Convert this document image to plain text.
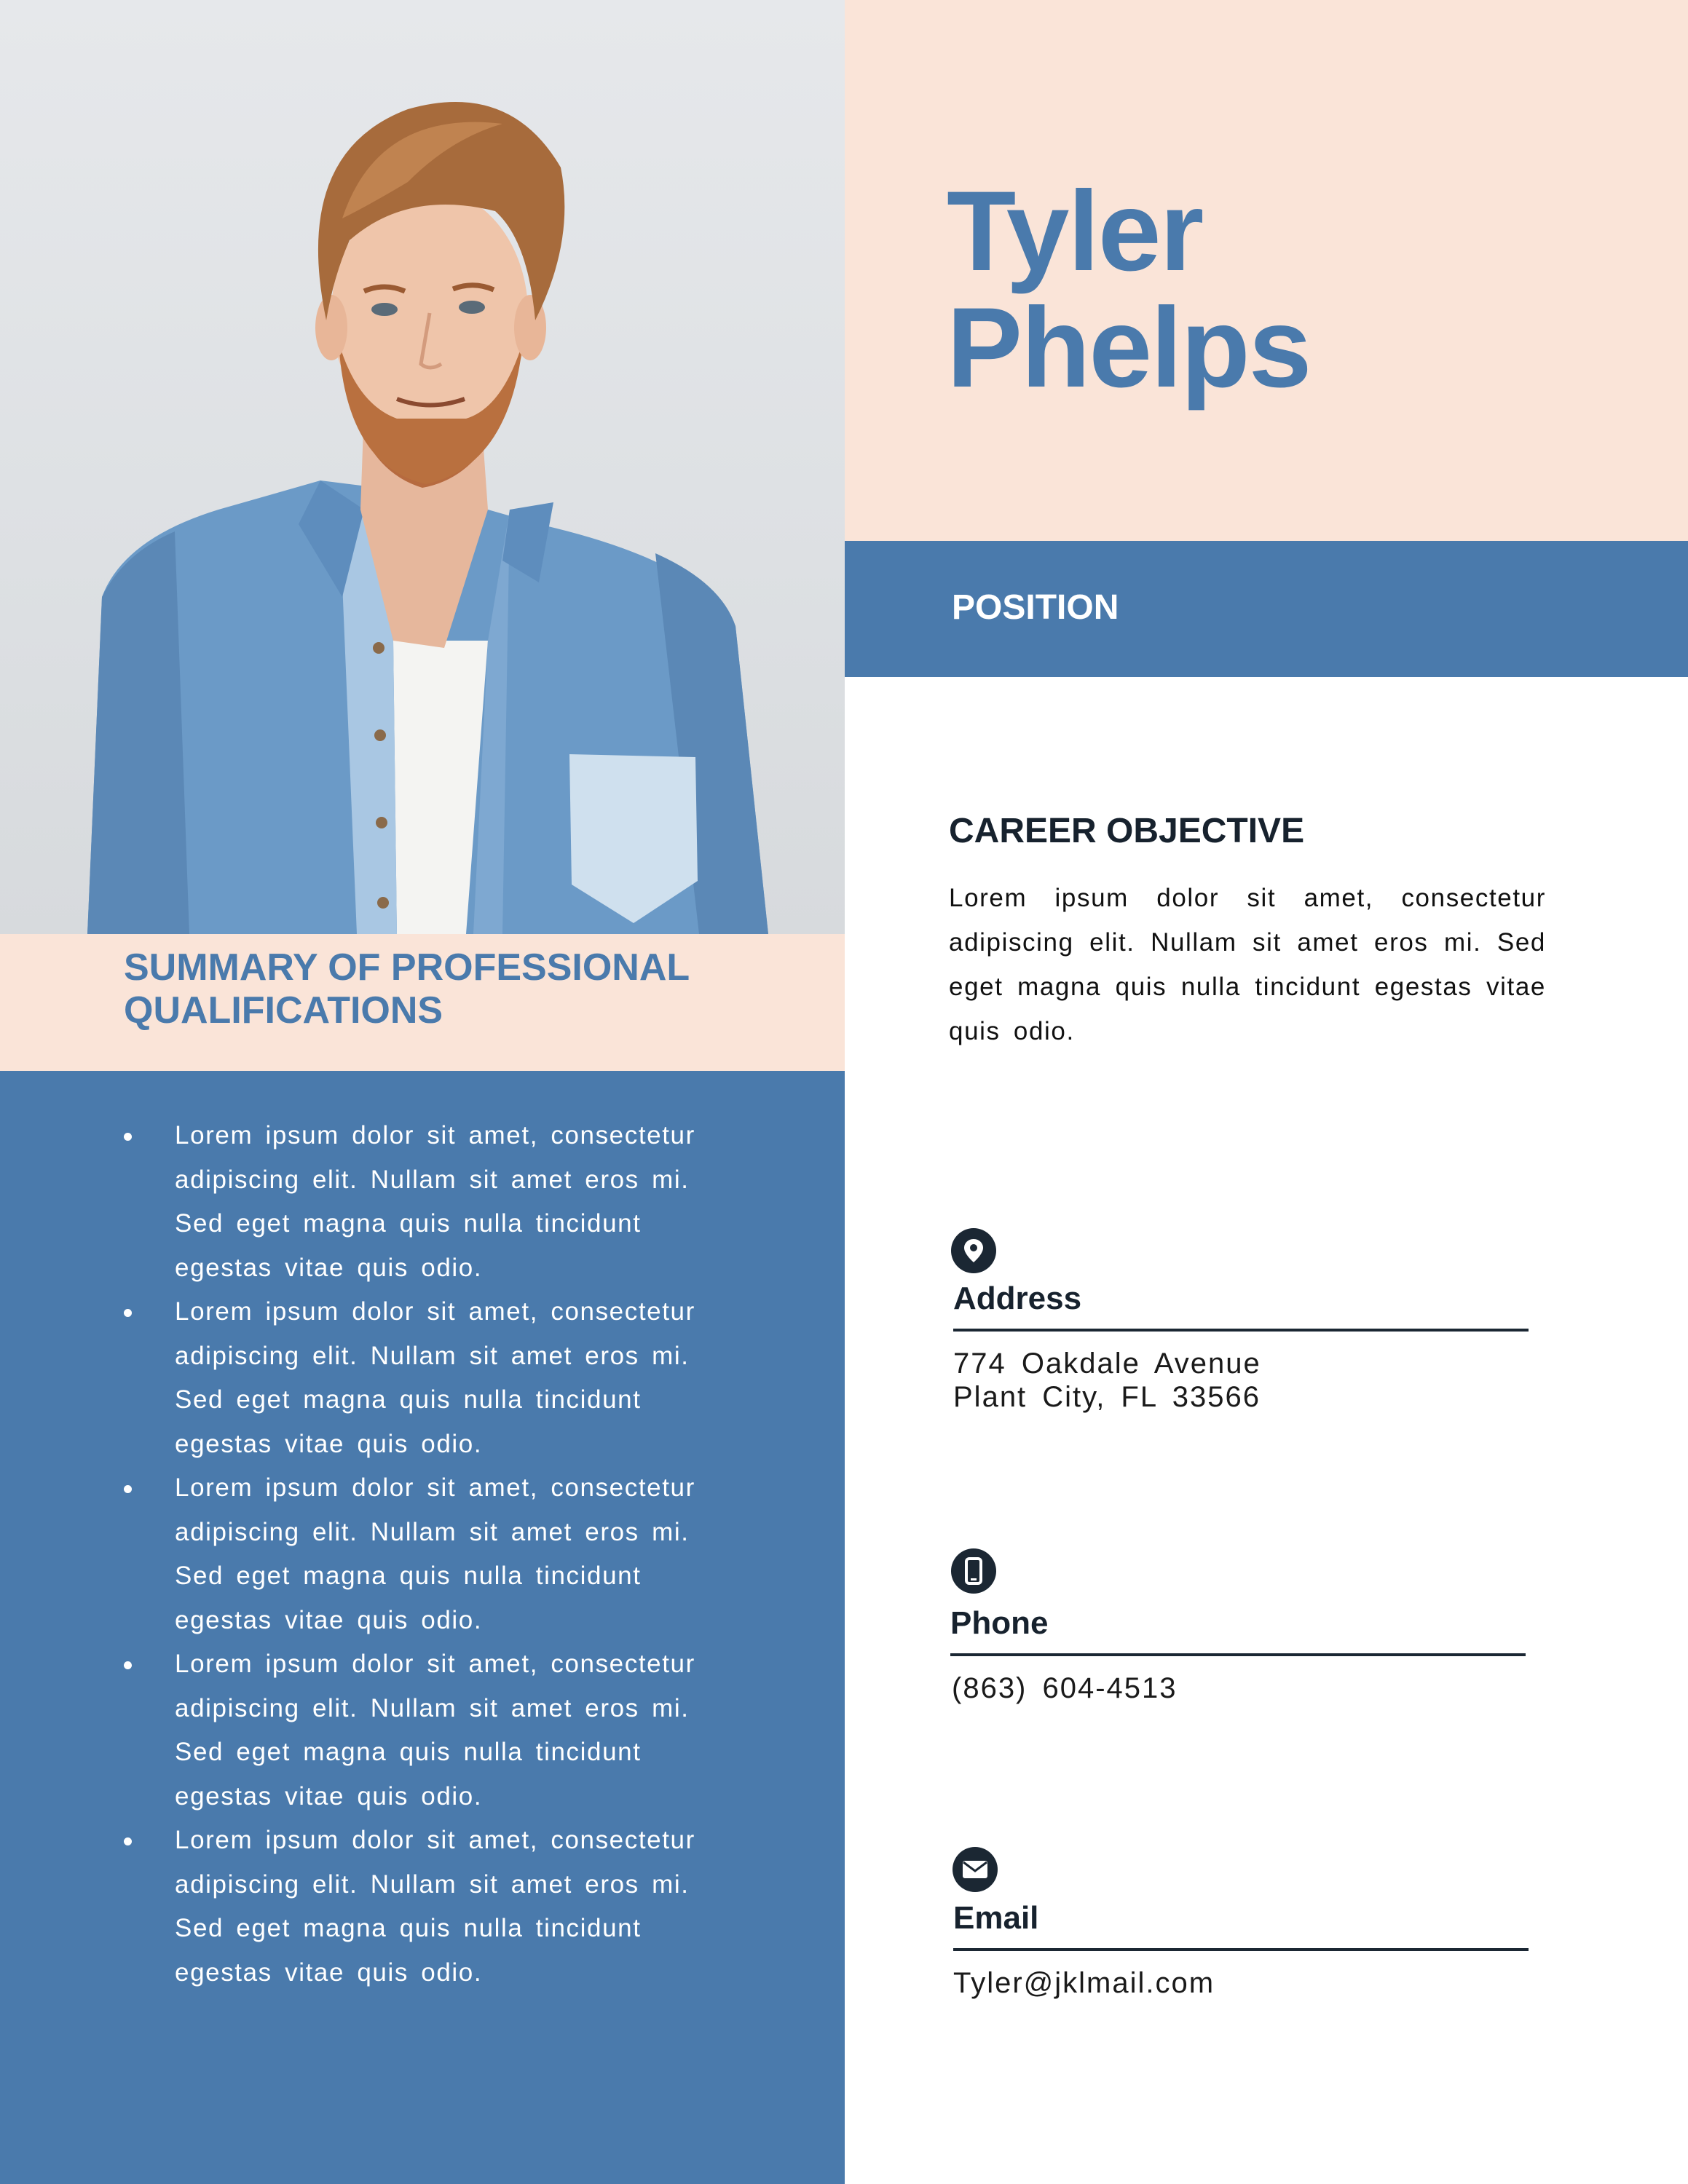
SUMMARY OF PROFESSIONAL
QUALIFICATIONS
Lorem ipsum dolor sit amet, consectetur adipiscing elit. Nullam sit amet eros mi. Sed eget magna quis nulla tincidunt egestas vitae quis odio.
Lorem ipsum dolor sit amet, consectetur adipiscing elit. Nullam sit amet eros mi. Sed eget magna quis nulla tincidunt egestas vitae quis odio.
Lorem ipsum dolor sit amet, consectetur adipiscing elit. Nullam sit amet eros mi. Sed eget magna quis nulla tincidunt egestas vitae quis odio.
Lorem ipsum dolor sit amet, consectetur adipiscing elit. Nullam sit amet eros mi. Sed eget magna quis nulla tincidunt egestas vitae quis odio.
Lorem ipsum dolor sit amet, consectetur adipiscing elit. Nullam sit amet eros mi. Sed eget magna quis nulla tincidunt egestas vitae quis odio.
Tyler
Phelps
POSITION
CAREER OBJECTIVE
Lorem ipsum dolor sit amet, consectetur adipiscing elit. Nullam sit amet eros mi. Sed eget magna quis nulla tincidunt egestas vitae quis odio.
Address
774 Oakdale Avenue
Plant City, FL 33566
Phone
(863) 604-4513
Email
Tyler@jklmail.com
